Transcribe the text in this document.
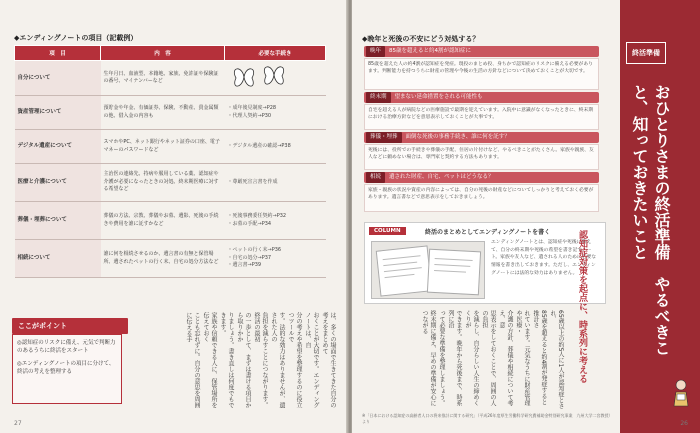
◆エンディングノートの項目（記載例）
項　目	内　容	必要な手続き
自分について	生年月日、血液型、本籍地、家族、免許証や保険証の番号、マイナンバーなど	

資産管理について	預貯金や年金、有価証券、保険、不動産、貴金属類の他、借入金の内容も	・成年後見制度→P28
・代理人契約→P30
デジタル遺産について	スマホやPC、ネット銀行やネット証券の口座、電子マネーのパスワードなど	・デジタル遺産の確認→P38
医療と介護について	主治医の連絡先、持病や服用している薬、認知症や介護が必要になったときの対処、終末期医療に対する希望など	・尊厳死宣言書を作成
葬儀・埋葬について	葬儀の方法、宗教、葬儀やお墓、遺影、死後の手続きや費用を誰に託すかなど	・死後事務委任契約→P32
・お墓の手配→P34
相続について	誰に何を相続させるのか、遺言書の有無と保管場所、遺されたペットの行く末、自宅の処分方法など	・ペットの行く末→P36
・自宅の処分→P37
・遺言書→P39
ここがポイント

◎認知症のリスクに備え、元気で判断力のあるうちに終活をスタート

◎エンディングノートの項目に分けて、終活の考えを整理する	は、多くの場面で生きてきた自分の考えをまとめて
おくことが大切です。エンディングノートは、自
分の考えや希望を整理するのに役立つツールで
す。法的な効力はありませんが、遺された人の
負担を減らすことにつながります。終活の最初
の一歩として、まずは書ける項目から取りかか
りましょう。書き直しは何度でもできます。
家族や信頼できる人に、保管場所を伝えておく
ことも忘れずに。自分の意思を周囲に伝える手
27
◆晩年と死後の不安にどう対処する？
晩年 85歳を超えると約4割が認知症に
85歳を超えた人の約4割が認知症を発症。現役のまとめ役、身ちかで認知症のリスクに備える必要があります。判断能力を持つうちに財産の管理や今後の生活の方針などについて決めておくことが大切です。
終末期 望まない延命措置をされる可能性も
自宅を超える人が病院などの医療施設で最期を迎えています。入院中に意識がなくなったときに、終末期における治療方針などを意思表示しておくことが大事です。
葬儀・埋葬 面倒な死後の事務手続き、誰に何を託す？
死後には、役所での手続きや葬儀の手配、住居の片付けなど、やるべきことがたくさん。家族や親族、友人などに頼めない場合は、専門家と契約する方法もあります。
相続 遺された財産、自宅、ペットはどうなる？
家族・親族の状況や資産の内容によっては、自分の死後の財産などについてしっかりと考えておく必要があります。遺言書などで意思表示をしておきましょう。
COLUMN	終活のまとめとしてエンディングノートを書く
エンディングノートとは、認知症や死後に備えて、自分の終末期や死後の希望を書き記すノート。家族や友人など、遺される人のために必要な情報を書き出しておきます。ただし、エンディングノートには法的な効力はありません。 認知症対策を起点に、時系列に考える
65歳以上の約5人に1人が認知症とされ、
85歳を超えると約4割が発症すると推計さ
れています。元気なうちに財産管理や医療・
介護の方針、葬儀や相続について考え、意
思表示をしておくことで、周囲の人の負担
を減らし、自分らしい人生の締めくくりが
できます。晩年から死後まで、時系列に沿
って必要な準備を整理しましょう。
終末期に備え、早めの準備が安心につながる
※「日本における認知症の高齢者人口の将来推計に関する研究」（平成26年度厚生労働科学研究費補助金特別研究事業　九州大学二宮教授）より
終活準備
おひとりさまの終活準備　やるべきこと、知っておきたいこと
26
